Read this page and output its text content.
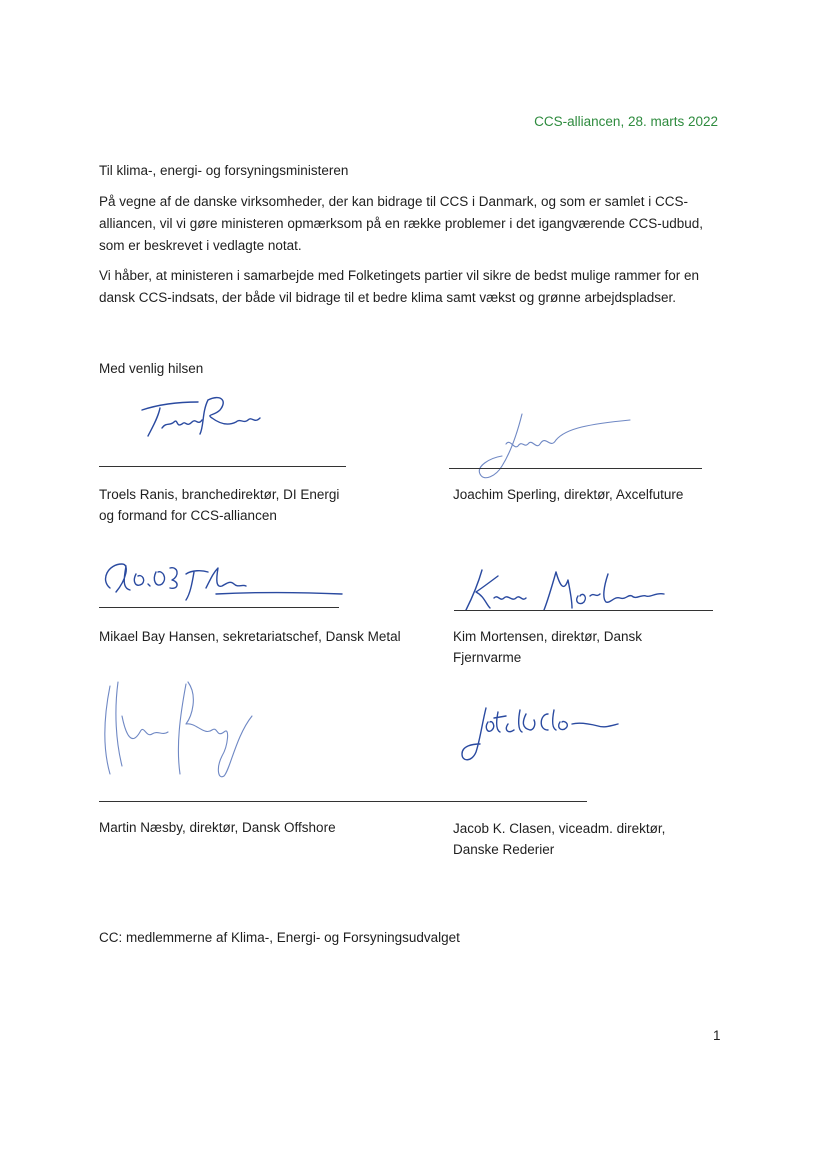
CCS-alliancen, 28. marts 2022

Til klima-, energi- og forsyningsministeren

På vegne af de danske virksomheder, der kan bidrage til CCS i Danmark, og som er samlet i CCS-alliancen, vil vi gøre ministeren opmærksom på en række problemer i det igangværende CCS-udbud, som er beskrevet i vedlagte notat.

Vi håber, at ministeren i samarbejde med Folketingets partier vil sikre de bedst mulige rammer for en dansk CCS-indsats, der både vil bidrage til et bedre klima samt vækst og grønne arbejdspladser.

Med venlig hilsen

Troels Ranis, branchedirektør, DI Energi
og formand for CCS-alliancen

Joachim Sperling, direktør, Axcelfuture

Mikael Bay Hansen, sekretariatschef, Dansk Metal	Kim Mortensen, direktør, Dansk
Fjernvarme

Martin Næsby, direktør, Dansk Offshore	Jacob K. Clasen, viceadm. direktør,
Danske Rederier

CC: medlemmerne af Klima-, Energi- og Forsyningsudvalget

1
